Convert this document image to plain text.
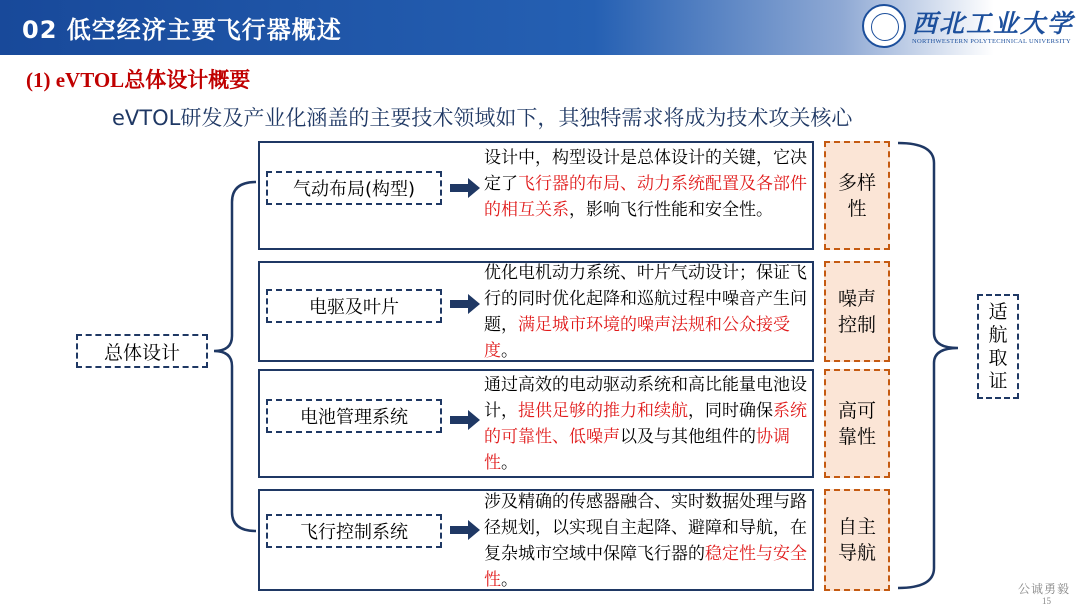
02 低空经济主要飞行器概述	西北工业大学
NORTHWESTERN POLYTECHNICAL UNIVERSITY
(1) eVTOL总体设计概要
eVTOL研发及产业化涵盖的主要技术领域如下，其独特需求将成为技术攻关核心
总体设计
气动布局(构型)
设计中，构型设计是总体设计的关键，它决定了飞行器的布局、动力系统配置及各部件的相互关系，影响飞行性能和安全性。
多样性
电驱及叶片
优化电机动力系统、叶片气动设计；保证飞行的同时优化起降和巡航过程中噪音产生问题，满足城市环境的噪声法规和公众接受度。
噪声控制
电池管理系统
通过高效的电动驱动系统和高比能量电池设计，提供足够的推力和续航，同时确保系统的可靠性、低噪声以及与其他组件的协调性。
高可靠性
飞行控制系统
涉及精确的传感器融合、实时数据处理与路径规划，以实现自主起降、避障和导航，在复杂城市空域中保障飞行器的稳定性与安全性。
自主导航
适航取证
公诚勇毅
15
